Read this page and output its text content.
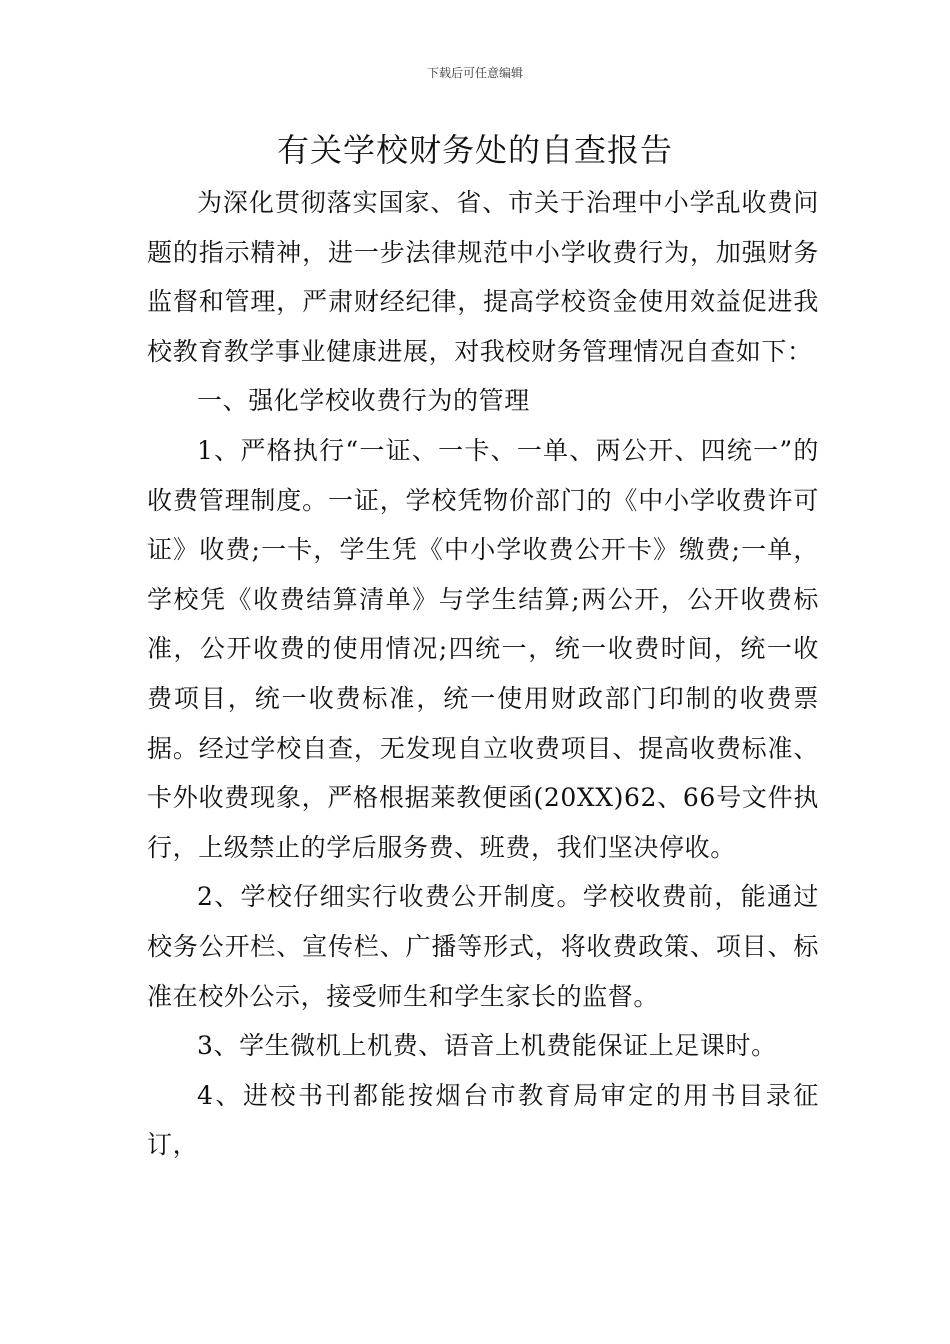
下载后可任意编辑
有关学校财务处的自查报告

为深化贯彻落实国家、省、市关于治理中小学乱收费问题的指示精神，进一步法律规范中小学收费行为，加强财务监督和管理，严肃财经纪律，提高学校资金使用效益促进我校教育教学事业健康进展，对我校财务管理情况自查如下：

一、强化学校收费行为的管理

1、严格执行“一证、一卡、一单、两公开、四统一”的收费管理制度。一证，学校凭物价部门的《中小学收费许可证》收费;一卡，学生凭《中小学收费公开卡》缴费;一单，学校凭《收费结算清单》与学生结算;两公开，公开收费标准，公开收费的使用情况;四统一，统一收费时间，统一收费项目，统一收费标准，统一使用财政部门印制的收费票据。经过学校自查，无发现自立收费项目、提高收费标准、卡外收费现象，严格根据莱教便函(20XX)62、66号文件执行，上级禁止的学后服务费、班费，我们坚决停收。

2、学校仔细实行收费公开制度。学校收费前，能通过校务公开栏、宣传栏、广播等形式，将收费政策、项目、标准在校外公示，接受师生和学生家长的监督。

3、学生微机上机费、语音上机费能保证上足课时。

4、进校书刊都能按烟台市教育局审定的用书目录征订，
